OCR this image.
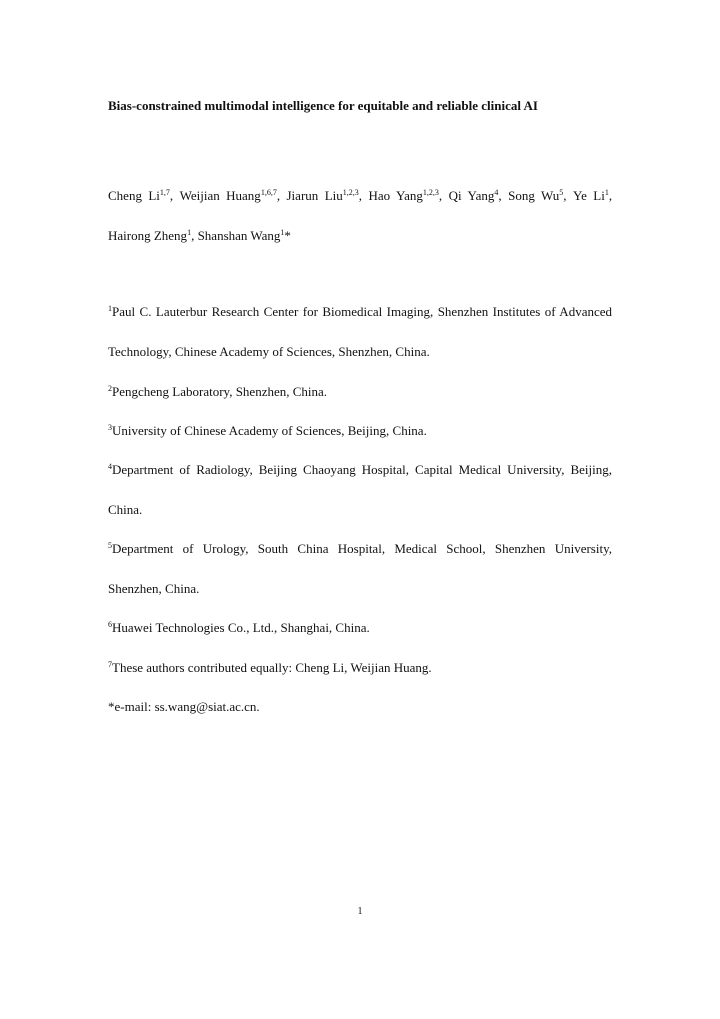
Bias-constrained multimodal intelligence for equitable and reliable clinical AI
Cheng Li$^{1,7}$, Weijian Huang$^{1,6,7}$, Jiarun Liu$^{1,2,3}$, Hao Yang$^{1,2,3}$, Qi Yang$^4$, Song Wu$^5$, Ye Li$^1$, Hairong Zheng$^1$, Shanshan Wang$^1$*
$^1$Paul C. Lauterbur Research Center for Biomedical Imaging, Shenzhen Institutes of Advanced Technology, Chinese Academy of Sciences, Shenzhen, China.
$^2$Pengcheng Laboratory, Shenzhen, China.
$^3$University of Chinese Academy of Sciences, Beijing, China.
$^4$Department of Radiology, Beijing Chaoyang Hospital, Capital Medical University, Beijing, China.
$^5$Department of Urology, South China Hospital, Medical School, Shenzhen University, Shenzhen, China.
$^6$Huawei Technologies Co., Ltd., Shanghai, China.
$^7$These authors contributed equally: Cheng Li, Weijian Huang.
*e-mail: ss.wang@siat.ac.cn.
1
